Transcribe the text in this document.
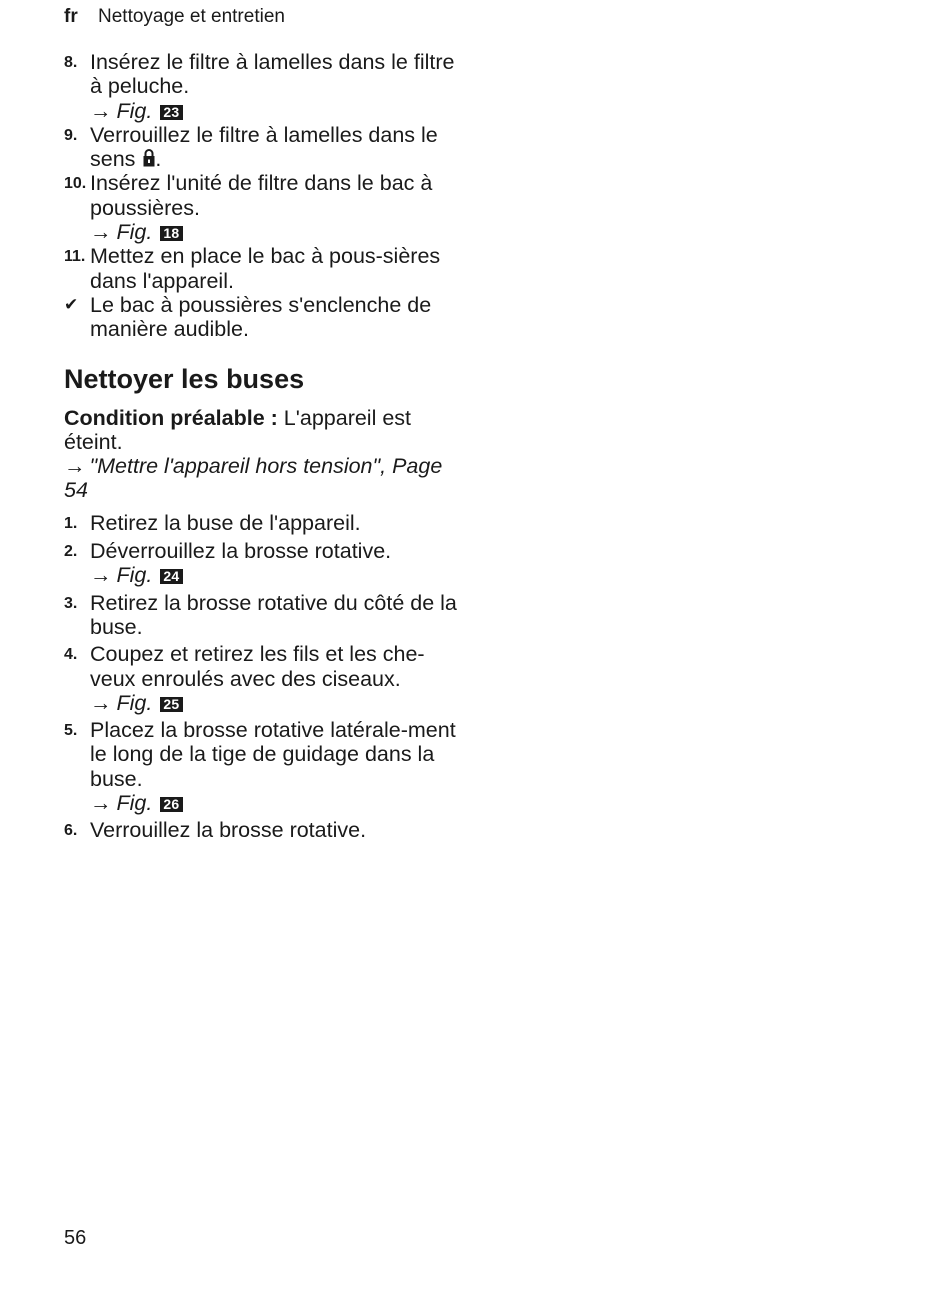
fr Nettoyage et entretien
8. Insérez le filtre à lamelles dans le filtre à peluche.
→ Fig. 23
9. Verrouillez le filtre à lamelles dans le sens .
10. Insérez l'unité de filtre dans le bac à poussières.
→ Fig. 18
11. Mettez en place le bac à pous-sières dans l'appareil.
✔ Le bac à poussières s'enclenche de manière audible.
Nettoyer les buses
Condition préalable : L'appareil est éteint.
→ "Mettre l'appareil hors tension", Page 54
1. Retirez la buse de l'appareil.
2. Déverrouillez la brosse rotative.
→ Fig. 24
3. Retirez la brosse rotative du côté de la buse.
4. Coupez et retirez les fils et les che-veux enroulés avec des ciseaux.
→ Fig. 25
5. Placez la brosse rotative latérale-ment le long de la tige de guidage dans la buse.
→ Fig. 26
6. Verrouillez la brosse rotative.
56
